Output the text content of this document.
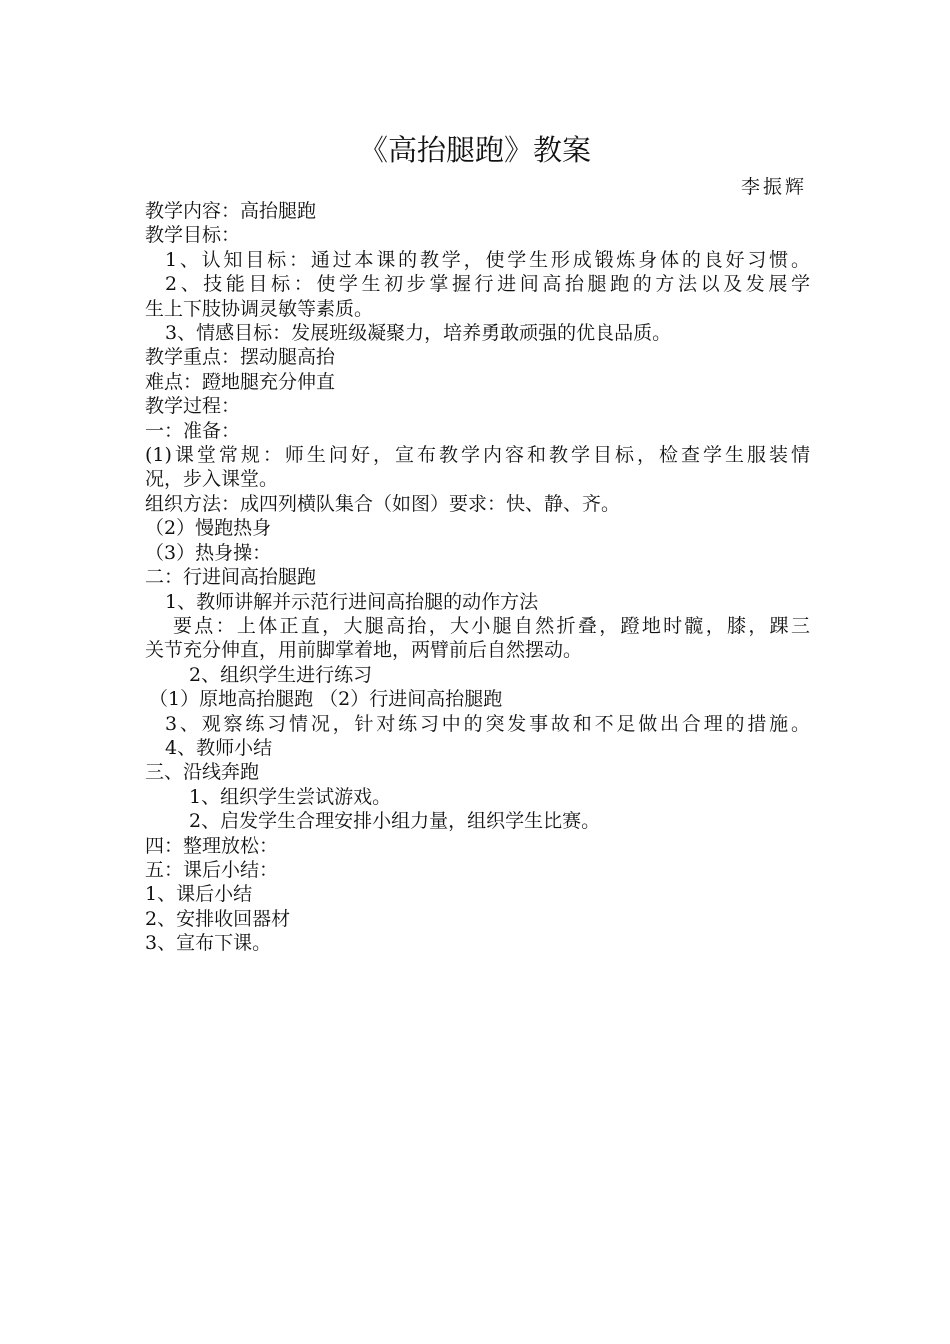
《高抬腿跑》教案
李振辉
教学内容：高抬腿跑
教学目标：
1、认知目标：通过本课的教学，使学生形成锻炼身体的良好习惯。
2、技能目标：使学生初步掌握行进间高抬腿跑的方法以及发展学
生上下肢协调灵敏等素质。
3、情感目标：发展班级凝聚力，培养勇敢顽强的优良品质。
教学重点：摆动腿高抬
难点：蹬地腿充分伸直
教学过程：
一：准备：
(1)课堂常规：师生问好，宣布教学内容和教学目标，检查学生服装情
况，步入课堂。
组织方法：成四列横队集合（如图）要求：快、静、齐。
（2）慢跑热身
（3）热身操：
二：行进间高抬腿跑
1、教师讲解并示范行进间高抬腿的动作方法
要点：上体正直，大腿高抬，大小腿自然折叠，蹬地时髋，膝，踝三
关节充分伸直，用前脚掌着地，两臂前后自然摆动。
2、组织学生进行练习
（1）原地高抬腿跑 （2）行进间高抬腿跑
3、观察练习情况，针对练习中的突发事故和不足做出合理的措施。
4、教师小结
三、沿线奔跑
1、组织学生尝试游戏。
2、启发学生合理安排小组力量，组织学生比赛。
四：整理放松：
五：课后小结：
1、课后小结
2、安排收回器材
3、宣布下课。
